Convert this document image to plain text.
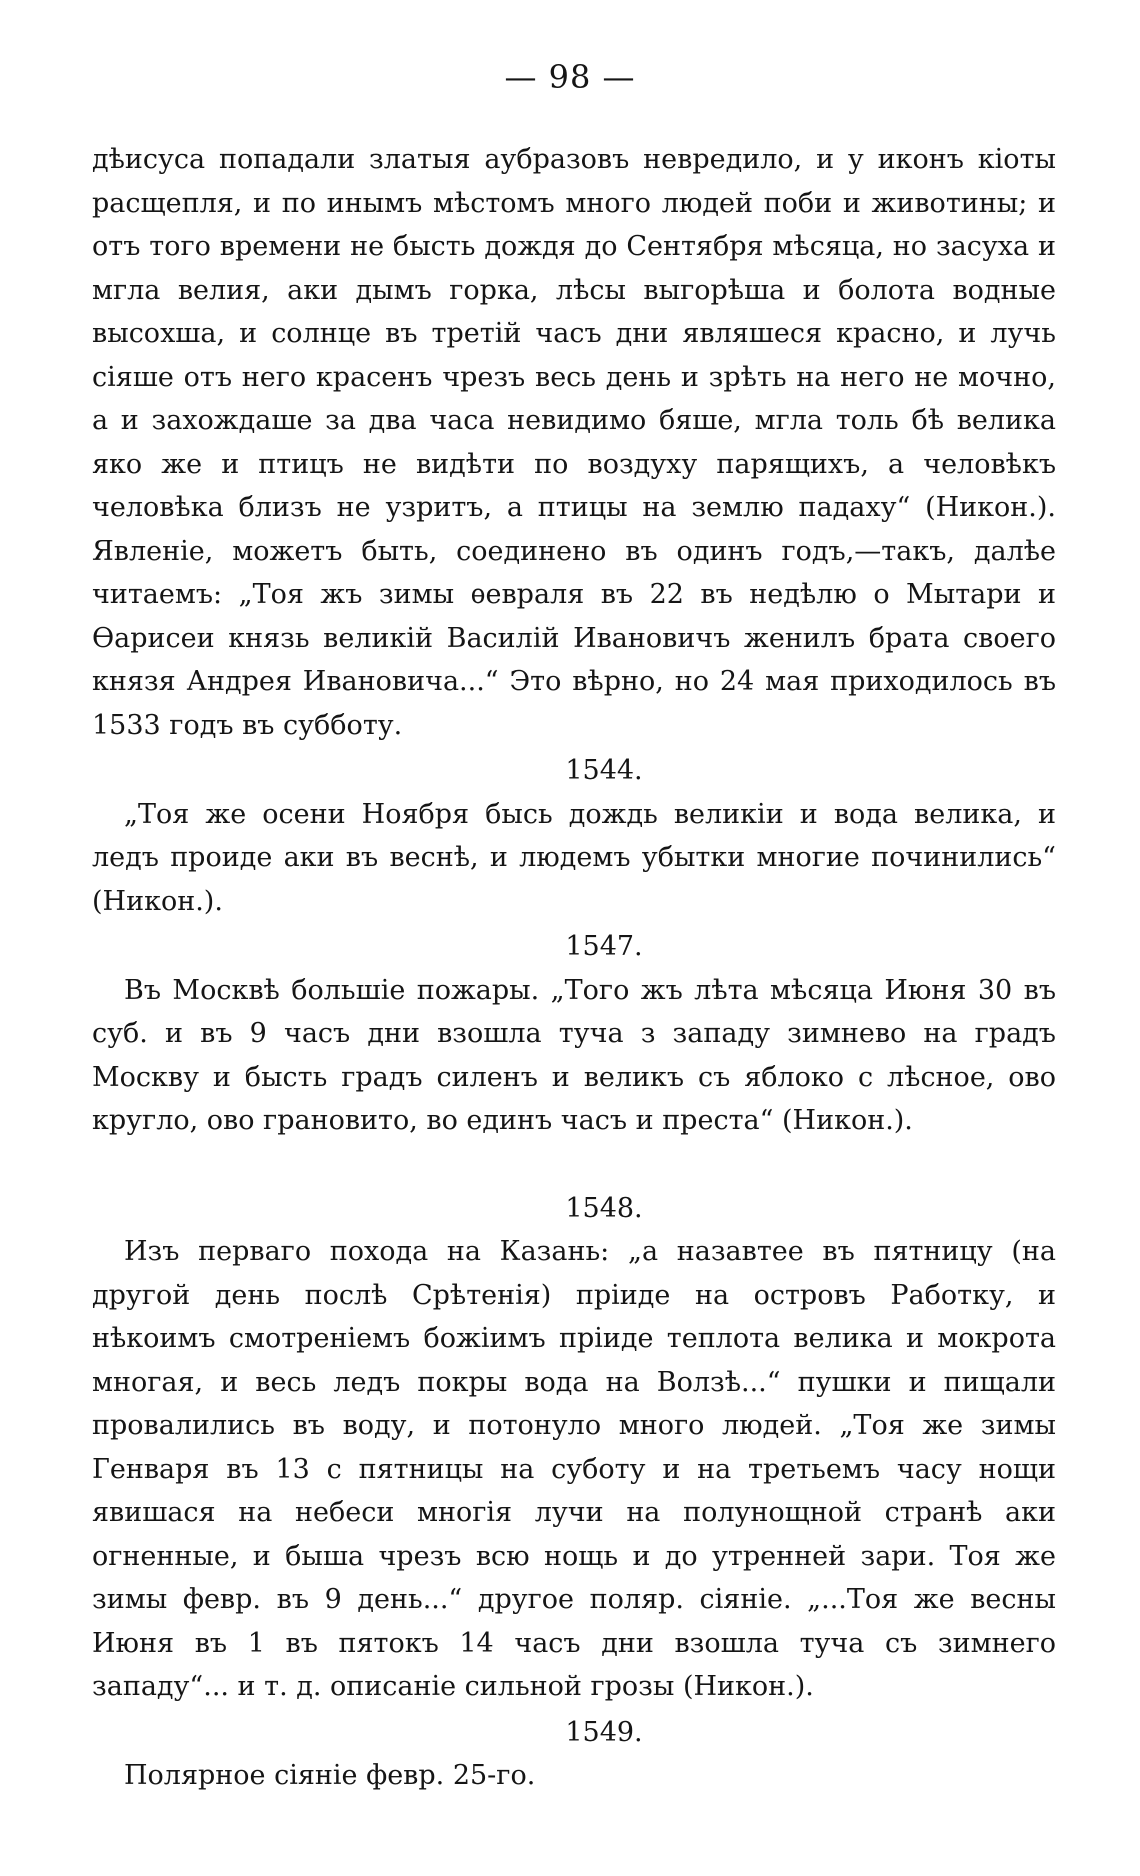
— 98 —

дѣисуса попадали златыя аубразовъ невредило, и у иконъ кіоты расщепля, и по инымъ мѣстомъ много людей поби и животины; и отъ того времени не бысть дождя до Сентября мѣсяца, но засуха и мгла велия, аки дымъ горка, лѣсы выгорѣша и болота водные высохша, и солнце въ третій часъ дни являшеся красно, и лучь сіяше отъ него красенъ чрезъ весь день и зрѣть на него не мочно, а и захождаше за два часа невидимо бяше, мгла толь бѣ велика яко же и птицъ не видѣти по воздуху парящихъ, а человѣкъ человѣка близъ не узритъ, а птицы на землю падаху“ (Никон.). Явленіе, можетъ быть, соединено въ одинъ годъ,—такъ, далѣе читаемъ: „Тоя жъ зимы ѳевраля въ 22 въ недѣлю о Мытари и Ѳарисеи князь великій Василій Ивановичъ женилъ брата своего князя Андрея Ивановича...“ Это вѣрно, но 24 мая приходилось въ 1533 годъ въ субботу.

1544.

„Тоя же осени Ноября бысь дождь великіи и вода велика, и ледъ проиде аки въ веснѣ, и людемъ убытки многие починились“ (Никон.).

1547.

Въ Москвѣ большіе пожары. „Того жъ лѣта мѣсяца Июня 30 въ суб. и въ 9 часъ дни взошла туча з западу зимнево на градъ Москву и бысть градъ силенъ и великъ съ яблоко с лѣсное, ово кругло, ово грановито, во единъ часъ и преста“ (Никон.).

1548.

Изъ перваго похода на Казань: „а назавтее въ пятницу (на другой день послѣ Срѣтенія) пріиде на островъ Работку, и нѣкоимъ смотреніемъ божіимъ пріиде теплота велика и мокрота многая, и весь ледъ покры вода на Волзѣ...“ пушки и пищали провалились въ воду, и потонуло много людей. „Тоя же зимы Генваря въ 13 с пятницы на суботу и на третьемъ часу нощи явишася на небеси многія лучи на полунощной странѣ аки огненные, и быша чрезъ всю нощь и до утренней зари. Тоя же зимы февр. въ 9 день...“ другое поляр. сіяніе. „...Тоя же весны Июня въ 1 въ пятокъ 14 часъ дни взошла туча съ зимнего западу“... и т. д. описаніе сильной грозы (Никон.).

1549.

Полярное сіяніе февр. 25-го.
